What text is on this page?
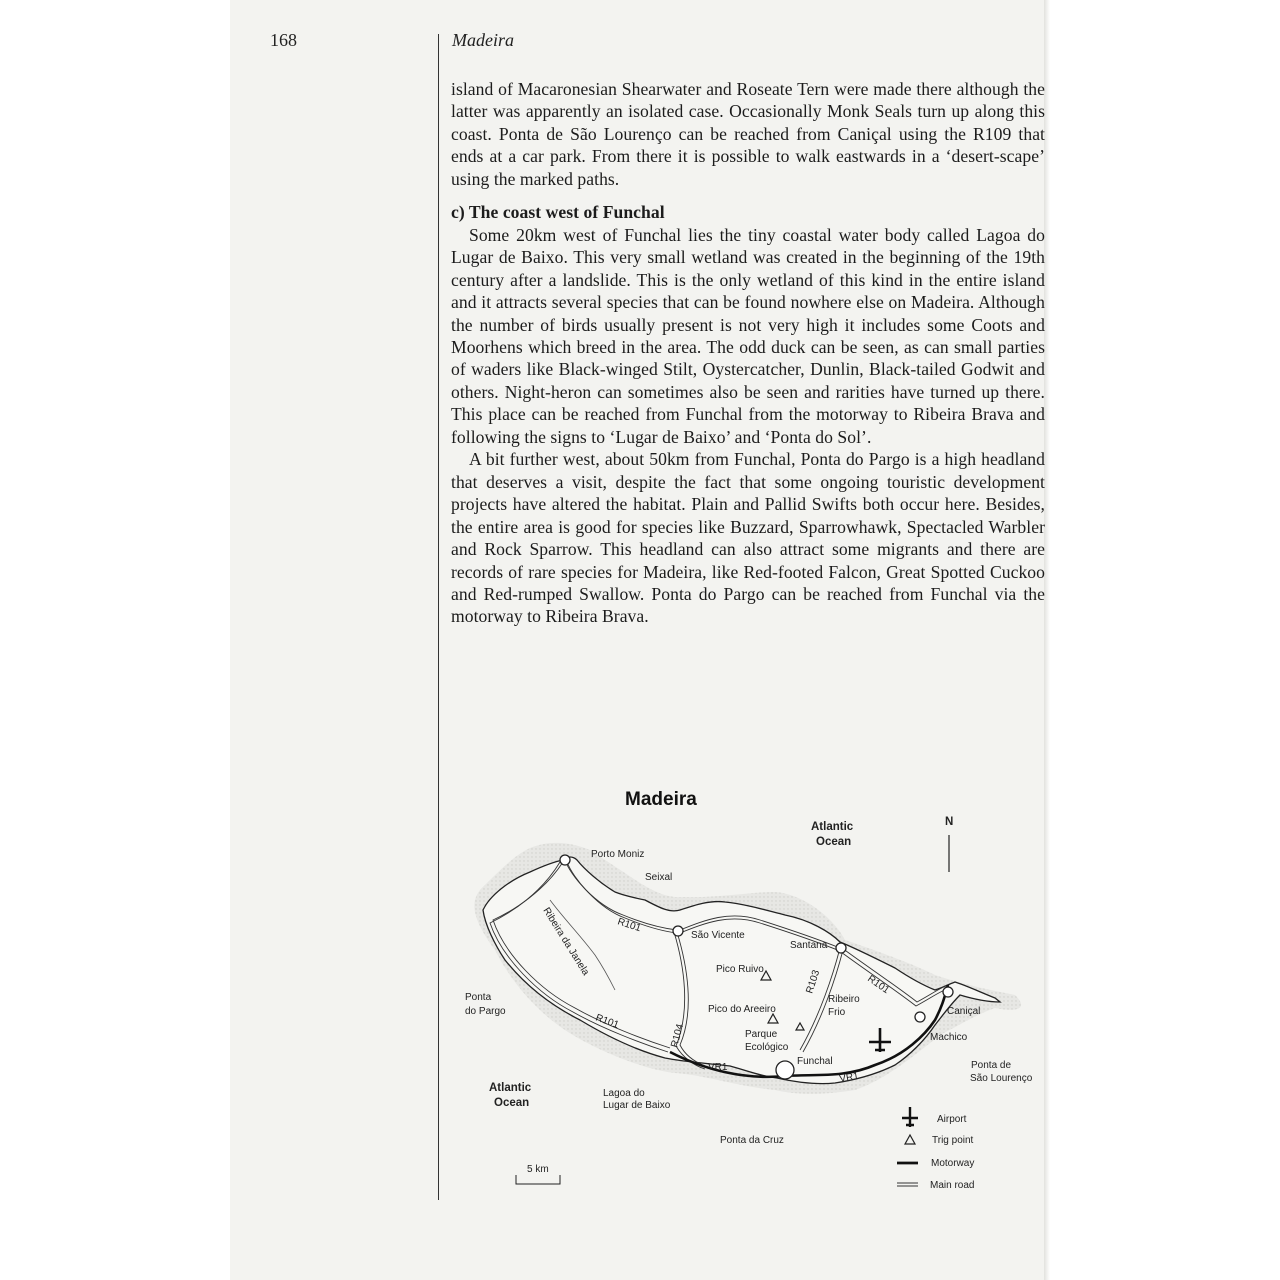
168	Madeira

island of Macaronesian Shearwater and Roseate Tern were made there although the latter was apparently an isolated case. Occasionally Monk Seals turn up along this coast. Ponta de São Lourenço can be reached from Caniçal using the R109 that ends at a car park. From there it is possible to walk eastwards in a ‘desert-scape’ using the marked paths.

c) The coast west of Funchal

Some 20km west of Funchal lies the tiny coastal water body called Lagoa do Lugar de Baixo. This very small wetland was created in the beginning of the 19th century after a landslide. This is the only wetland of this kind in the entire island and it attracts several species that can be found nowhere else on Madeira. Although the number of birds usually present is not very high it includes some Coots and Moorhens which breed in the area. The odd duck can be seen, as can small parties of waders like Black-winged Stilt, Oystercatcher, Dunlin, Black-tailed Godwit and others. Night-heron can sometimes also be seen and rarities have turned up there. This place can be reached from Funchal from the motorway to Ribeira Brava and following the signs to ‘Lugar de Baixo’ and ‘Ponta do Sol’.

A bit further west, about 50km from Funchal, Ponta do Pargo is a high headland that deserves a visit, despite the fact that some ongoing touristic development projects have altered the habitat. Plain and Pallid Swifts both occur here. Besides, the entire area is good for species like Buzzard, Sparrowhawk, Spectacled Warbler and Rock Sparrow. This headland can also attract some migrants and there are records of rare species for Madeira, like Red-footed Falcon, Great Spotted Cuckoo and Red-rumped Swallow. Ponta do Pargo can be reached from Funchal via the motorway to Ribeira Brava.

Madeira
N
Atlantic
Ocean
Atlantic
Ocean
Porto Moniz
Seixal
São Vicente
Santana
Pico Ruivo
Pico do Areeiro
Ribeiro
Frio
Parque
Ecológico
Funchal
Caniçal
Machico
Ponta de
São Lourenço
Ponta
do Pargo
Lagoa do
Lugar de Baixo
Ponta da Cruz
Ribeira da Janela	R101
R101
R101
R104
R103
VR1
VR1
5 km
Airport
Trig point
Motorway
Main road
